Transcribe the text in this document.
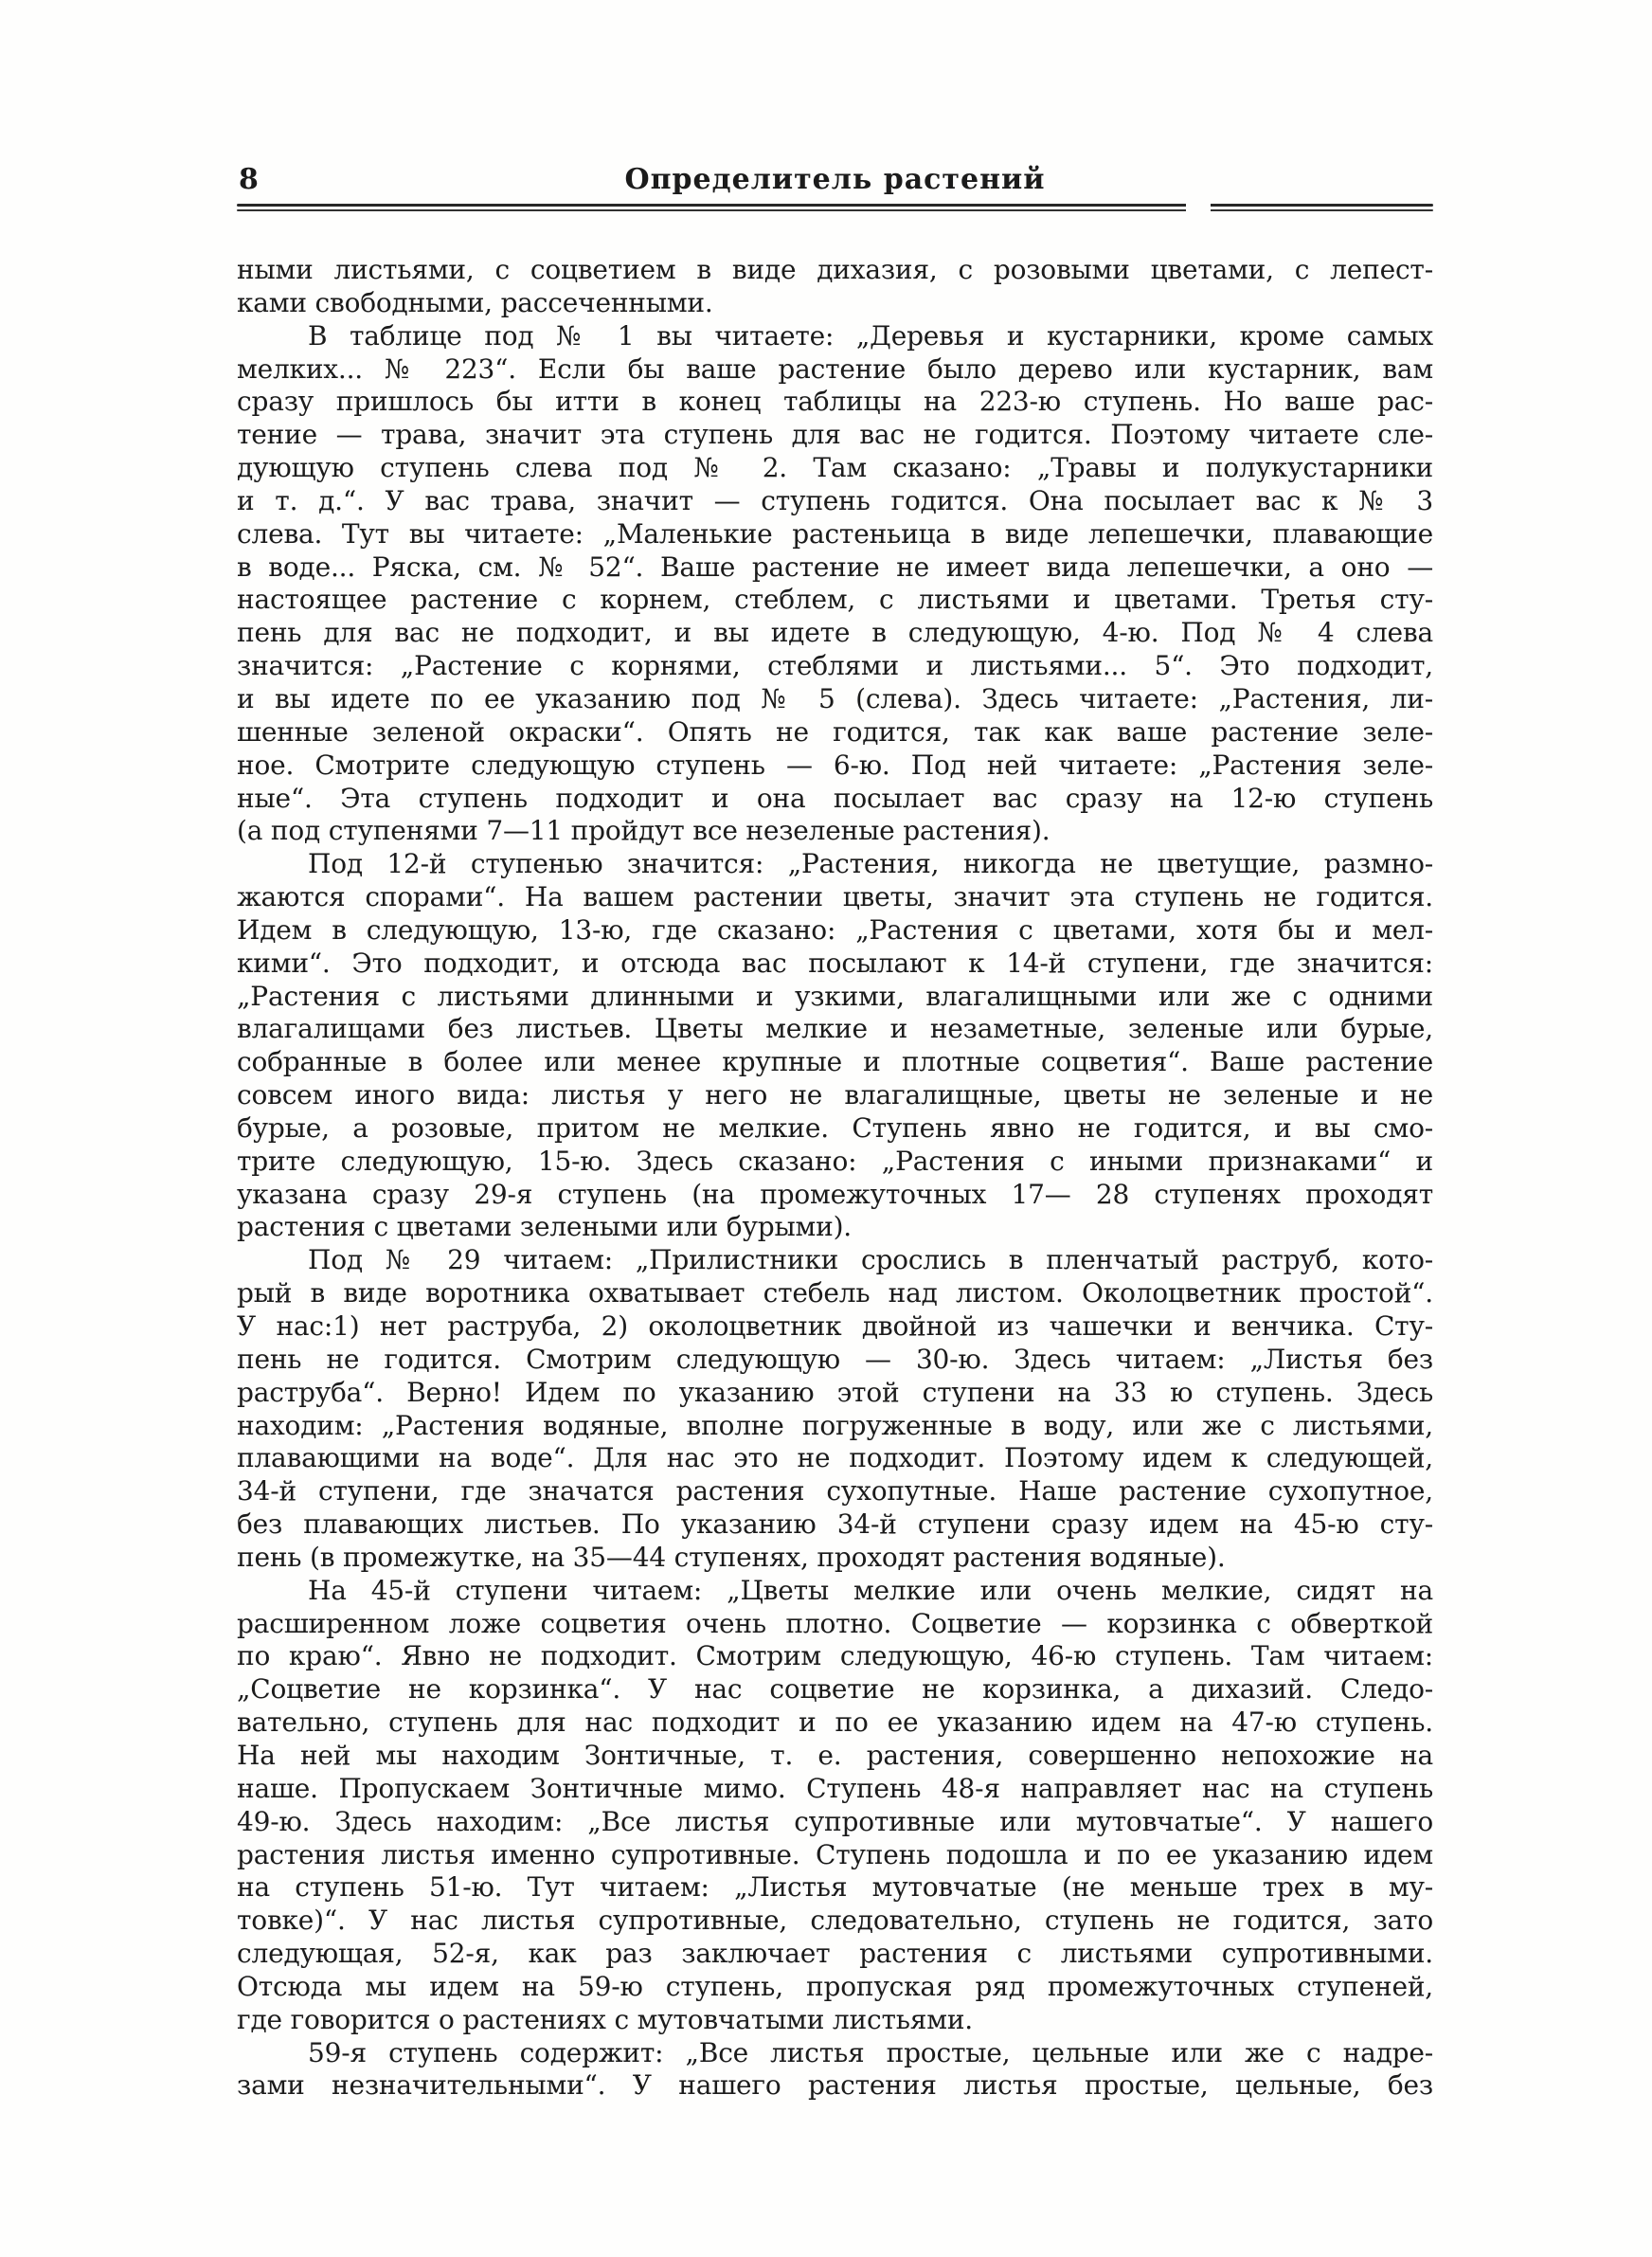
8	Определитель растений
ными листьями, с соцветием в виде дихазия, с розовыми цветами, с лепест-
ками свободными, рассеченными.
В таблице под № 1 вы читаете: „Деревья и кустарники, кроме самых
мелких... № 223“. Если бы ваше растение было дерево или кустарник, вам
сразу пришлось бы итти в конец таблицы на 223-ю ступень. Но ваше рас-
тение — трава, значит эта ступень для вас не годится. Поэтому читаете сле-
дующую ступень слева под № 2. Там сказано: „Травы и полукустарники
и т. д.“. У вас трава, значит — ступень годится. Она посылает вас к № 3
слева. Тут вы читаете: „Маленькие растеньица в виде лепешечки, плавающие
в воде... Ряска, см. № 52“. Ваше растение не имеет вида лепешечки, а оно —
настоящее растение с корнем, стеблем, с листьями и цветами. Третья сту-
пень для вас не подходит, и вы идете в следующую, 4-ю. Под № 4 слева
значится: „Растение с корнями, стеблями и листьями... 5“. Это подходит,
и вы идете по ее указанию под № 5 (слева). Здесь читаете: „Растения, ли-
шенные зеленой окраски“. Опять не годится, так как ваше растение зеле-
ное. Смотрите следующую ступень — 6-ю. Под ней читаете: „Растения зеле-
ные“. Эта ступень подходит и она посылает вас сразу на 12-ю ступень
(а под ступенями 7—11 пройдут все незеленые растения).
Под 12-й ступенью значится: „Растения, никогда не цветущие, размно-
жаются спорами“. На вашем растении цветы, значит эта ступень не годится.
Идем в следующую, 13-ю, где сказано: „Растения с цветами, хотя бы и мел-
кими“. Это подходит, и отсюда вас посылают к 14-й ступени, где значится:
„Растения с листьями длинными и узкими, влагалищными или же с одними
влагалищами без листьев. Цветы мелкие и незаметные, зеленые или бурые,
собранные в более или менее крупные и плотные соцветия“. Ваше растение
совсем иного вида: листья у него не влагалищные, цветы не зеленые и не
бурые, а розовые, притом не мелкие. Ступень явно не годится, и вы смо-
трите следующую, 15-ю. Здесь сказано: „Растения с иными признаками“ и
указана сразу 29-я ступень (на промежуточных 17— 28 ступенях проходят
растения с цветами зелеными или бурыми).
Под № 29 читаем: „Прилистники срослись в пленчатый раструб, кото-
рый в виде воротника охватывает стебель над листом. Околоцветник простой“.
У нас:1) нет раструба, 2) околоцветник двойной из чашечки и венчика. Сту-
пень не годится. Смотрим следующую — 30-ю. Здесь читаем: „Листья без
раструба“. Верно! Идем по указанию этой ступени на 33 ю ступень. Здесь
находим: „Растения водяные, вполне погруженные в воду, или же с листьями,
плавающими на воде“. Для нас это не подходит. Поэтому идем к следующей,
34-й ступени, где значатся растения сухопутные. Наше растение сухопутное,
без плавающих листьев. По указанию 34-й ступени сразу идем на 45-ю сту-
пень (в промежутке, на 35—44 ступенях, проходят растения водяные).
На 45-й ступени читаем: „Цветы мелкие или очень мелкие, сидят на
расширенном ложе соцветия очень плотно. Соцветие — корзинка с обверткой
по краю“. Явно не подходит. Смотрим следующую, 46-ю ступень. Там читаем:
„Соцветие не корзинка“. У нас соцветие не корзинка, а дихазий. Следо-
вательно, ступень для нас подходит и по ее указанию идем на 47-ю ступень.
На ней мы находим Зонтичные, т. е. растения, совершенно непохожие на
наше. Пропускаем Зонтичные мимо. Ступень 48-я направляет нас на ступень
49-ю. Здесь находим: „Все листья супротивные или мутовчатые“. У нашего
растения листья именно супротивные. Ступень подошла и по ее указанию идем
на ступень 51-ю. Тут читаем: „Листья мутовчатые (не меньше трех в му-
товке)“. У нас листья супротивные, следовательно, ступень не годится, зато
следующая, 52-я, как раз заключает растения с листьями супротивными.
Отсюда мы идем на 59-ю ступень, пропуская ряд промежуточных ступеней,
где говорится о растениях с мутовчатыми листьями.
59-я ступень содержит: „Все листья простые, цельные или же с надре-
зами незначительными“. У нашего растения листья простые, цельные, без
